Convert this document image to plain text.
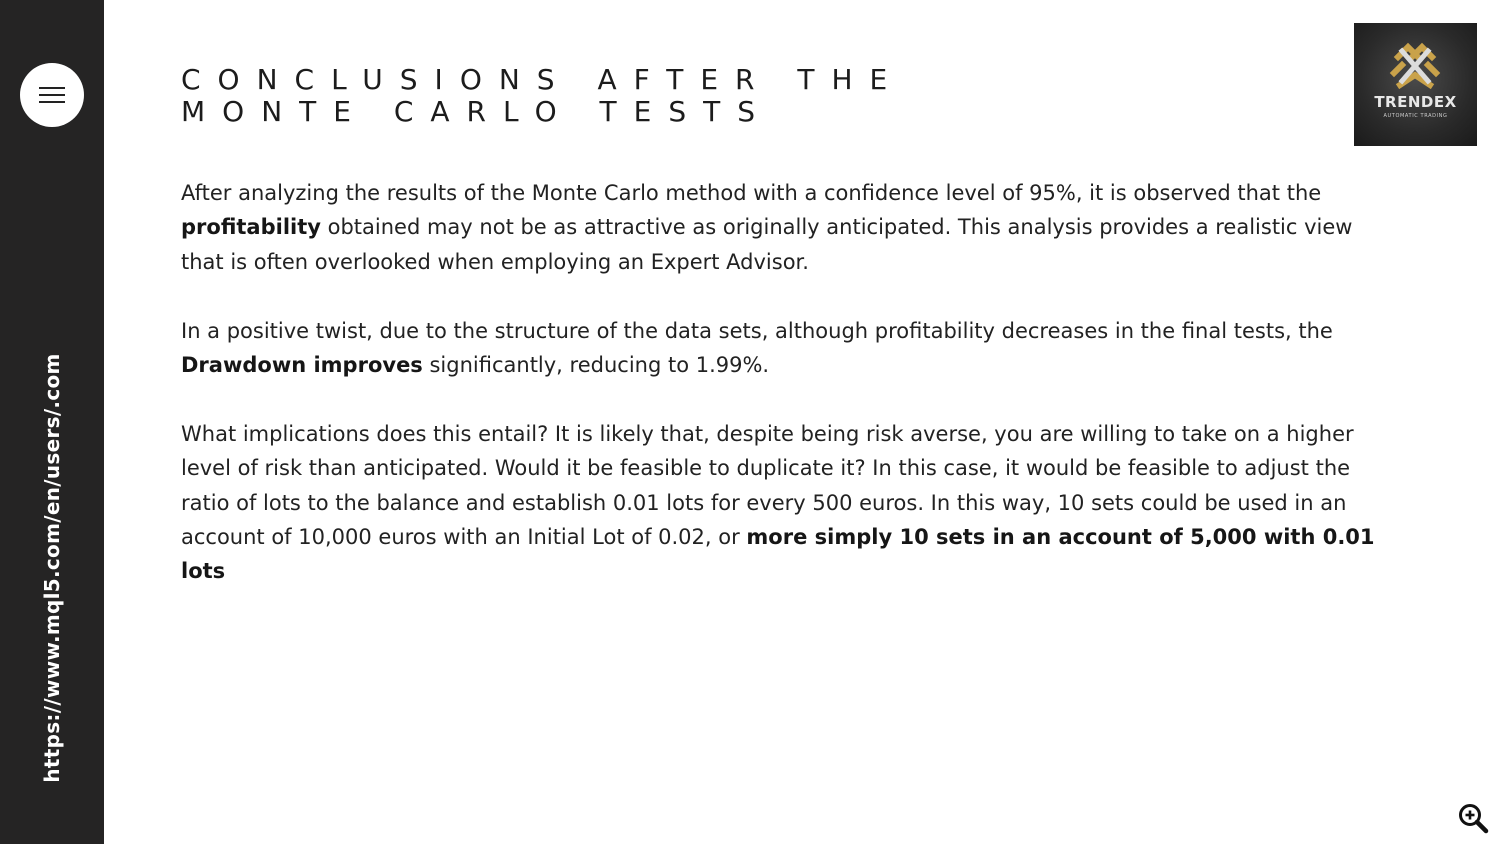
https://www.mql5.com/en/users/.com
CONCLUSIONS AFTER THE
MONTE CARLO TESTS	TRENDEX
AUTOMATIC TRADING

After analyzing the results of the Monte Carlo method with a confidence level of 95%, it is observed that the profitability obtained may not be as attractive as originally anticipated. This analysis provides a realistic view that is often overlooked when employing an Expert Advisor.

In a positive twist, due to the structure of the data sets, although profitability decreases in the final tests, the Drawdown improves significantly, reducing to 1.99%.

What implications does this entail? It is likely that, despite being risk averse, you are willing to take on a higher level of risk than anticipated. Would it be feasible to duplicate it? In this case, it would be feasible to adjust the ratio of lots to the balance and establish 0.01 lots for every 500 euros. In this way, 10 sets could be used in an account of 10,000 euros with an Initial Lot of 0.02, or more simply 10 sets in an account of 5,000 with 0.01 lots
